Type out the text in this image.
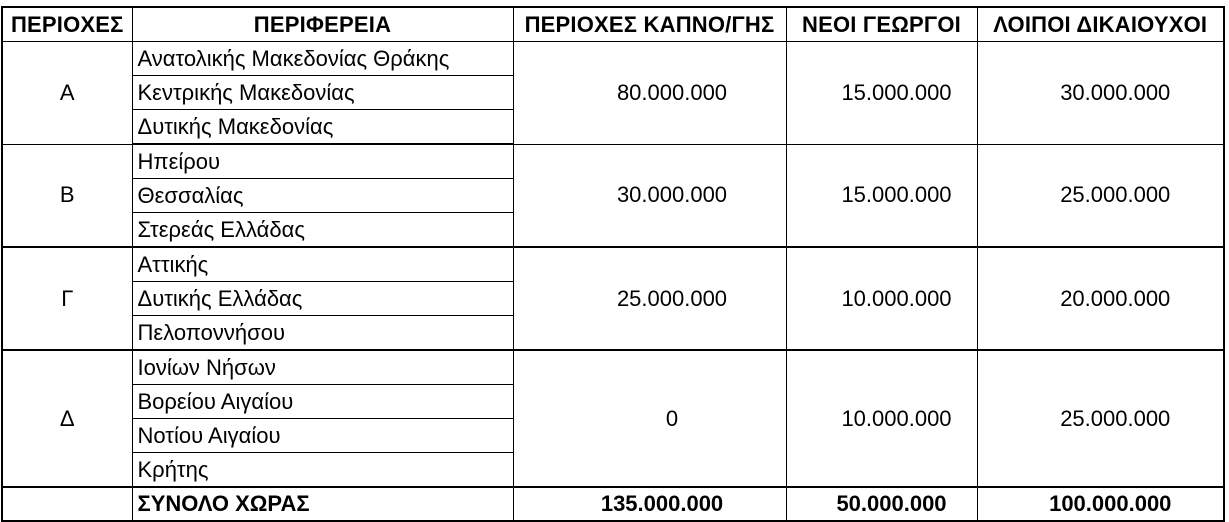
ΠΕΡΙΟΧΕΣ	ΠΕΡΙΦΕΡΕΙΑ	ΠΕΡΙΟΧΕΣ ΚΑΠΝΟ/ΓΗΣ	ΝΕΟΙ ΓΕΩΡΓΟΙ	ΛΟΙΠΟΙ ΔΙΚΑΙΟΥΧΟΙ
Α	Ανατολικής Μακεδονίας Θράκης	80.000.000	15.000.000	30.000.000
	Κεντρικής Μακεδονίας			
	Δυτικής Μακεδονίας			
Β	Ηπείρου	30.000.000	15.000.000	25.000.000
	Θεσσαλίας			
	Στερεάς Ελλάδας			
Γ	Αττικής	25.000.000	10.000.000	20.000.000
	Δυτικής Ελλάδας			
	Πελοποννήσου			
Δ	Ιονίων Νήσων	0	10.000.000	25.000.000
	Βορείου Αιγαίου			
	Νοτίου Αιγαίου			
	Κρήτης			
	ΣΥΝΟΛΟ ΧΩΡΑΣ	135.000.000	50.000.000	100.000.000
